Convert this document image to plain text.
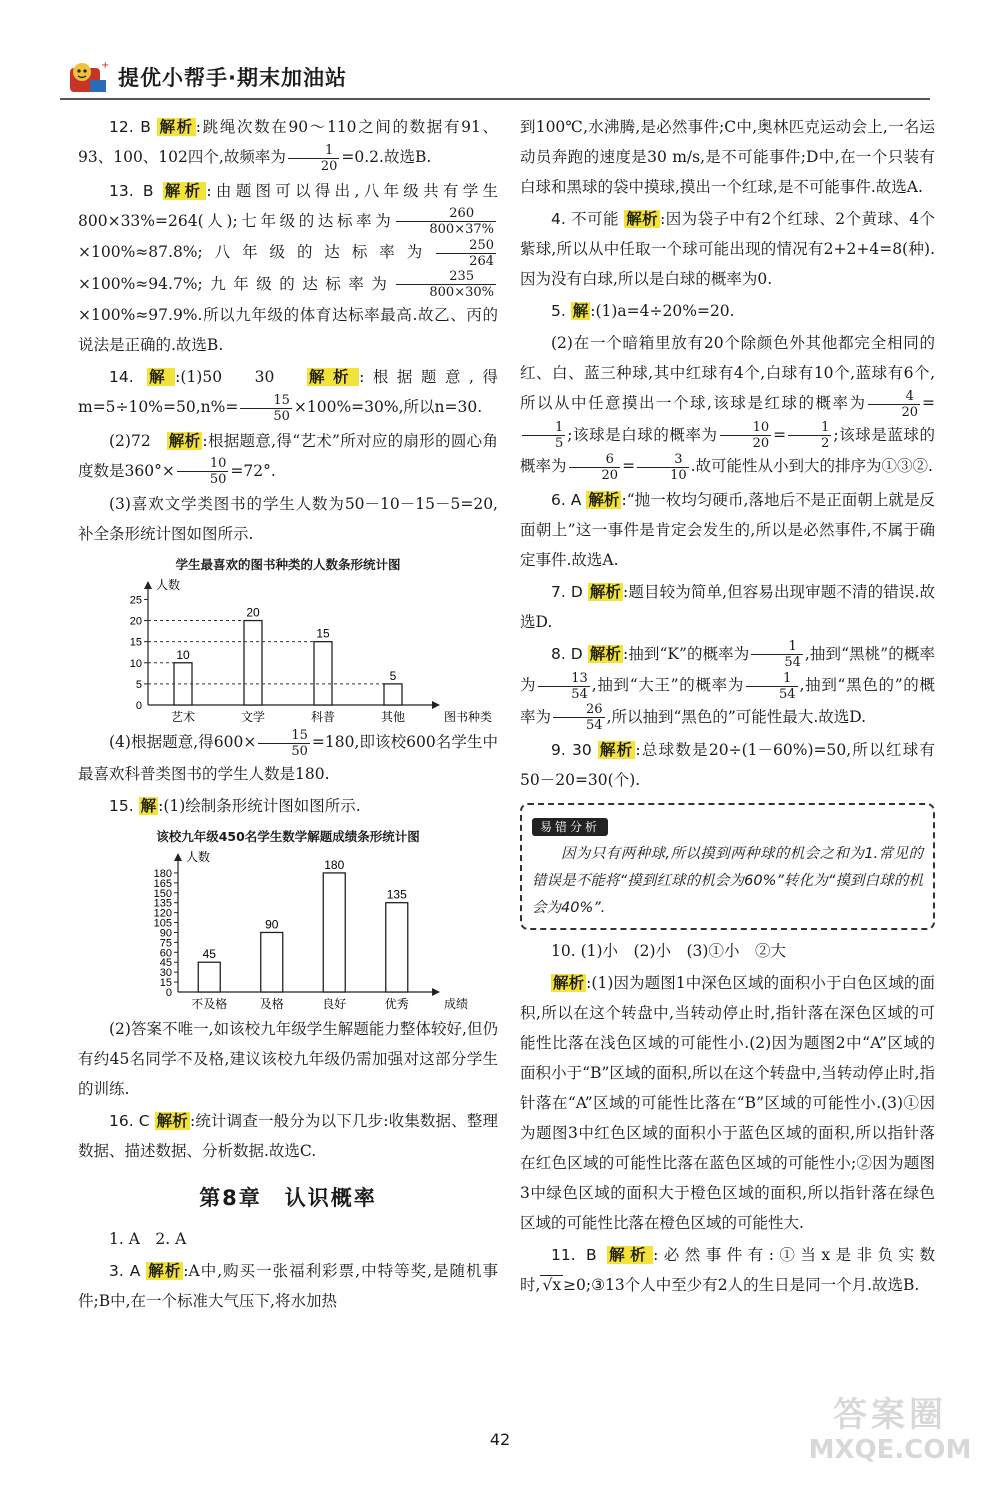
+
提优小帮手·期末加油站

12. B 解析 :跳绳次数在90～110之间的数据有91、93、100、102四个,故频率为 $\frac{1}{20} =0.2$.故选B.

13. B 解析 :由题图可以得出,八年级共有学生800×33%=264(人);七年级的达标率为 $\frac{260}{800\times 37\%}$
×100%≈87.8%;八年级的达标率为 $\frac{250}{264}$
×100%≈94.7%;九年级的达标率为 $\frac{235}{800\times 30\%}$
×100%≈97.9%.所以九年级的体育达标率最高.故乙、丙的说法是正确的.故选B.

14. 解 :(1)50　30　解析 :根据题意,得$m=5\div 10\%=50,n\%= \frac{15}{50} \times 100\%=30\%$,所以n=30.

(2)72　解析 :根据题意,得“艺术”所对应的扇形的圆心角度数是$360^\circ\times \frac{10}{50} =72^\circ$.

(3)喜欢文学类图书的学生人数为50－10－15－5=20,补全条形统计图如图所示.

学生最喜欢的图书种类的人数条形统计图
人数
图书种类
0
5
10
15
20
25
10
艺术
20
文学
15
科普
5
其他

(4)根据题意,得$600\times \frac{15}{50} =180$,即该校600名学生中最喜欢科普类图书的学生人数是180.

15. 解 :(1)绘制条形统计图如图所示.

该校九年级450名学生数学解题成绩条形统计图
人数
成绩
0
15
30
45
60
75
90
105
120
135
150
165
180
45
不及格
90
及格
180
良好
135
优秀

(2)答案不唯一,如该校九年级学生解题能力整体较好,但仍有约45名同学不及格,建议该校九年级仍需加强对这部分学生的训练.

16. C 解析 :统计调查一般分为以下几步:收集数据、整理数据、描述数据、分析数据.故选C.

第8章　认识概率

1. A　2. A

3. A 解析 :A中,购买一张福利彩票,中特等奖,是随机事件;B中,在一个标准大气压下,将水加热

到100℃,水沸腾,是必然事件;C中,奥林匹克运动会上,一名运动员奔跑的速度是30 m/s,是不可能事件;D中,在一个只装有白球和黑球的袋中摸球,摸出一个红球,是不可能事件.故选A.

4. 不可能 解析 :因为袋子中有2个红球、2个黄球、4个紫球,所以从中任取一个球可能出现的情况有2+2+4=8(种).因为没有白球,所以是白球的概率为0.

5. 解 :(1)a=4÷20%=20.

(2)在一个暗箱里放有20个除颜色外其他都完全相同的红、白、蓝三种球,其中红球有4个,白球有10个,蓝球有6个,所以从中任意摸出一个球,该球是红球的概率为 $\frac{4}{20}$ =
$\frac{1}{5}$ ;该球是白球的概率为 $\frac{10}{20} = \frac{1}{2}$ ;该球是蓝球的概率为 $\frac{6}{20} = \frac{3}{10}$ .故可能性从小到大的排序为①③②.

6. A 解析 :“抛一枚均匀硬币,落地后不是正面朝上就是反面朝上”这一事件是肯定会发生的,所以是必然事件,不属于确定事件.故选A.

7. D 解析 :题目较为简单,但容易出现审题不清的错误.故选D.

8. D 解析 :抽到“K”的概率为 $\frac{1}{54}$ ,抽到“黑桃”的概率为 $\frac{13}{54}$ ,抽到“大王”的概率为 $\frac{1}{54}$ ,抽到“黑色的”的概率为 $\frac{26}{54}$ ,所以抽到“黑色的”可能性最大.故选D.

9. 30 解析 :总球数是20÷(1－60%)=50,所以红球有50－20=30(个).

易错分析

因为只有两种球,所以摸到两种球的机会之和为1.常见的错误是不能将“摸到红球的机会为60%”转化为“摸到白球的机会为40%”.

10. (1)小　(2)小　(3)①小　②大

解析 :(1)因为题图1中深色区域的面积小于白色区域的面积,所以在这个转盘中,当转动停止时,指针落在深色区域的可能性比落在浅色区域的可能性小.(2)因为题图2中“A”区域的面积小于“B”区域的面积,所以在这个转盘中,当转动停止时,指针落在“A”区域的可能性比落在“B”区域的可能性小.(3)①因为题图3中红色区域的面积小于蓝色区域的面积,所以指针落在红色区域的可能性比落在蓝色区域的可能性小;②因为题图3中绿色区域的面积大于橙色区域的面积,所以指针落在绿色区域的可能性比落在橙色区域的可能性大.

11. B 解析 :必然事件有:①当x是非负实数时, √x ≥0;③13个人中至少有2人的生日是同一个月.故选B.

42
答案圈
MXQE.COM
